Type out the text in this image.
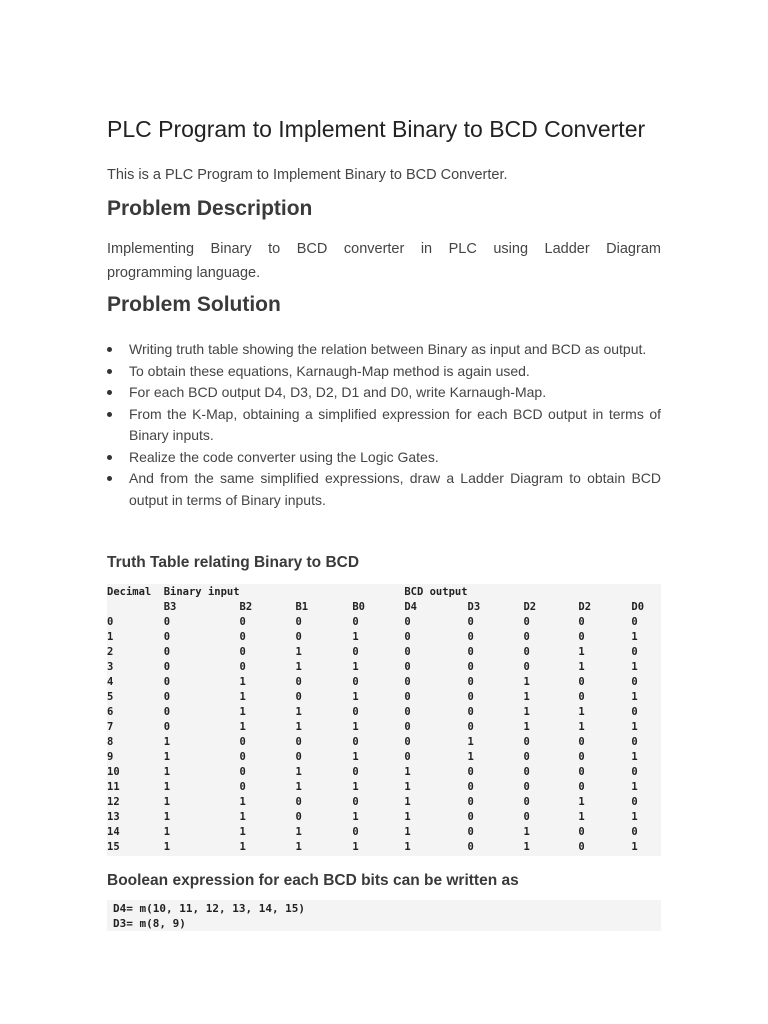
PLC Program to Implement Binary to BCD Converter

This is a PLC Program to Implement Binary to BCD Converter.

Problem Description
Implementing Binary to BCD converter in PLC using Ladder Diagram
programming language.
Problem Solution
Writing truth table showing the relation between Binary as input and BCD as output.
To obtain these equations, Karnaugh-Map method is again used.
For each BCD output D4, D3, D2, D1 and D0, write Karnaugh-Map.
From the K-Map, obtaining a simplified expression for each BCD output in terms of Binary inputs.
Realize the code converter using the Logic Gates.
And from the same simplified expressions, draw a Ladder Diagram to obtain BCD output in terms of Binary inputs.
Truth Table relating Binary to BCD
Decimal	Binary input				BCD output				
	B3	B2	B1	B0	D4	D3	D2	D2	D0
0	0	0	0	0	0	0	0	0	0
1	0	0	0	1	0	0	0	0	1
2	0	0	1	0	0	0	0	1	0
3	0	0	1	1	0	0	0	1	1
4	0	1	0	0	0	0	1	0	0
5	0	1	0	1	0	0	1	0	1
6	0	1	1	0	0	0	1	1	0
7	0	1	1	1	0	0	1	1	1
8	1	0	0	0	0	1	0	0	0
9	1	0	0	1	0	1	0	0	1
10	1	0	1	0	1	0	0	0	0
11	1	0	1	1	1	0	0	0	1
12	1	1	0	0	1	0	0	1	0
13	1	1	0	1	1	0	0	1	1
14	1	1	1	0	1	0	1	0	0
15	1	1	1	1	1	0	1	0	1
Boolean expression for each BCD bits can be written as
D4= m(10, 11, 12, 13, 14, 15)
D3= m(8, 9)
